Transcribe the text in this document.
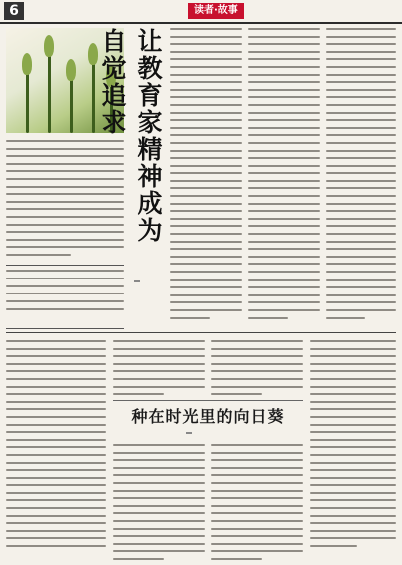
6	读者·故事
让教育家精神成为自觉追求
种在时光里的向日葵
